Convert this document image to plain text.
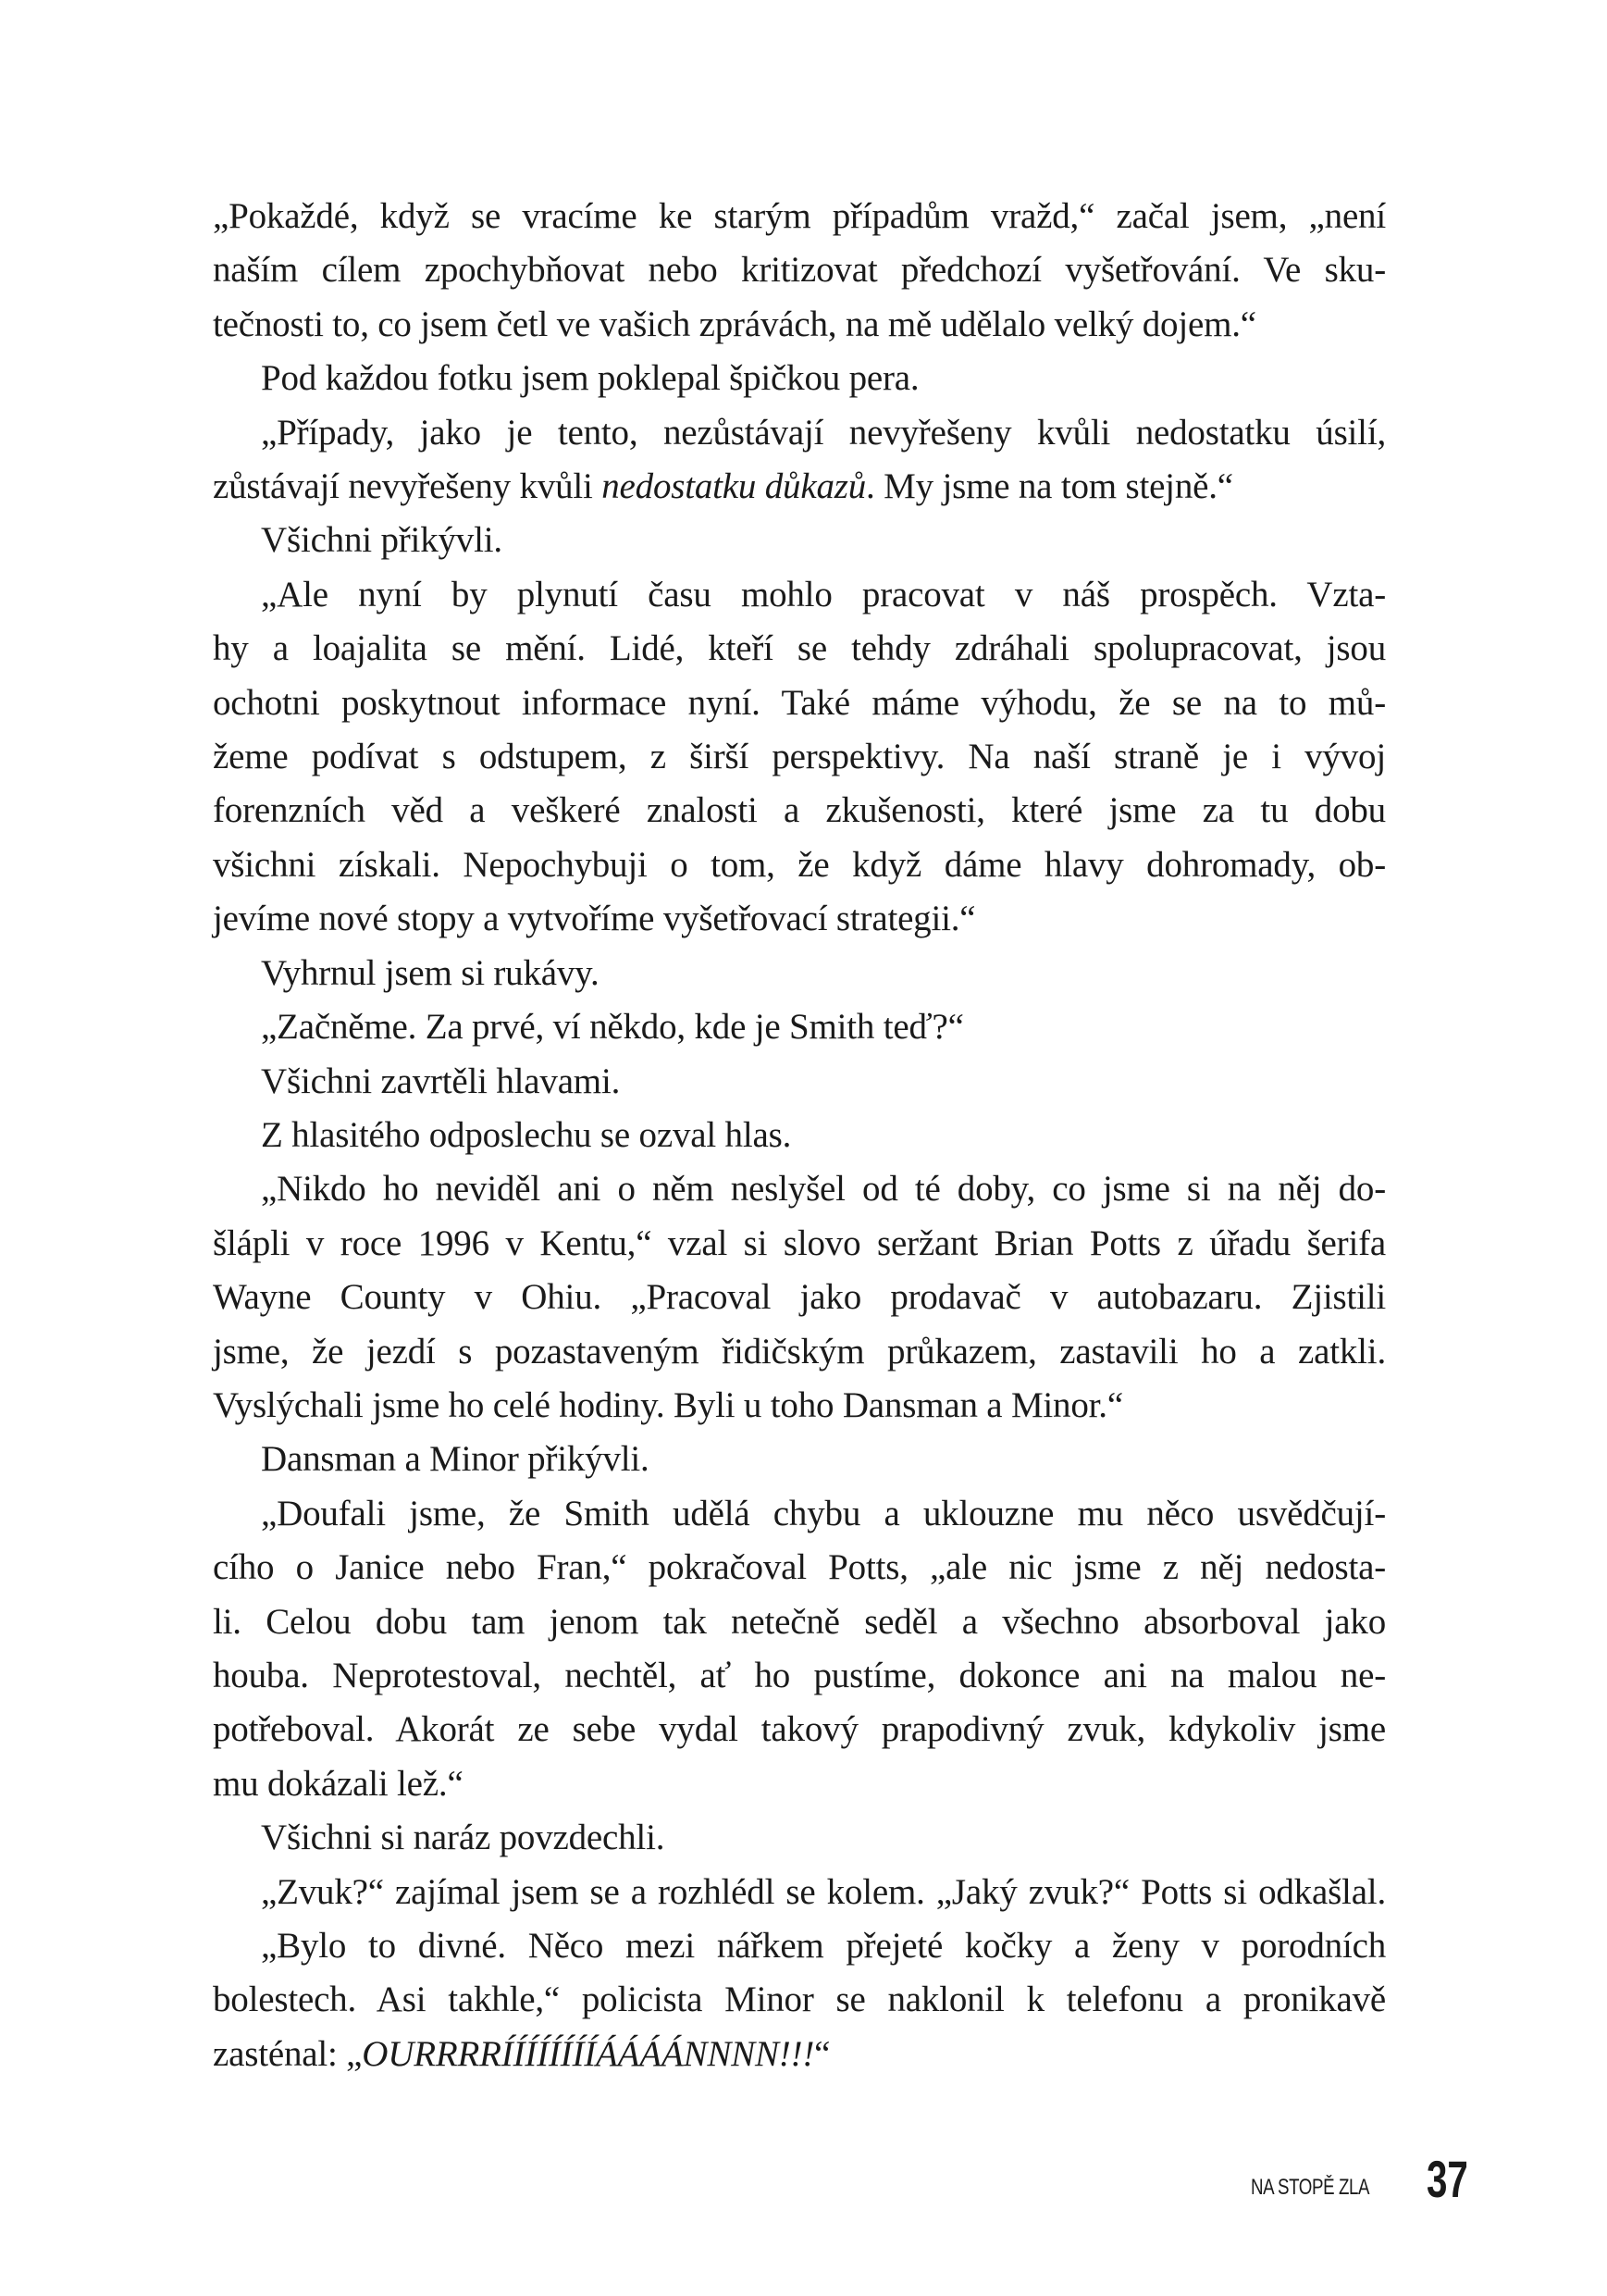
„Pokaždé, když se vracíme ke starým případům vražd,“ začal jsem, „není
naším cílem zpochybňovat nebo kritizovat předchozí vyšetřování. Ve sku-
tečnosti to, co jsem četl ve vašich zprávách, na mě udělalo velký dojem.“
Pod každou fotku jsem poklepal špičkou pera.
„Případy, jako je tento, nezůstávají nevyřešeny kvůli nedostatku úsilí,
zůstávají nevyřešeny kvůli nedostatku důkazů. My jsme na tom stejně.“
Všichni přikývli.
„Ale nyní by plynutí času mohlo pracovat v náš prospěch. Vzta-
hy a loajalita se mění. Lidé, kteří se tehdy zdráhali spolupracovat, jsou
ochotni poskytnout informace nyní. Také máme výhodu, že se na to mů-
žeme podívat s odstupem, z širší perspektivy. Na naší straně je i vývoj
forenzních věd a veškeré znalosti a zkušenosti, které jsme za tu dobu
všichni získali. Nepochybuji o tom, že když dáme hlavy dohromady, ob-
jevíme nové stopy a vytvoříme vyšetřovací strategii.“
Vyhrnul jsem si rukávy.
„Začněme. Za prvé, ví někdo, kde je Smith teď?“
Všichni zavrtěli hlavami.
Z hlasitého odposlechu se ozval hlas.
„Nikdo ho neviděl ani o něm neslyšel od té doby, co jsme si na něj do-
šlápli v roce 1996 v Kentu,“ vzal si slovo seržant Brian Potts z úřadu šerifa
Wayne County v Ohiu. „Pracoval jako prodavač v autobazaru. Zjistili
jsme, že jezdí s pozastaveným řidičským průkazem, zastavili ho a zatkli.
Vyslýchali jsme ho celé hodiny. Byli u toho Dansman a Minor.“
Dansman a Minor přikývli.
„Doufali jsme, že Smith udělá chybu a uklouzne mu něco usvědčují-
cího o Janice nebo Fran,“ pokračoval Potts, „ale nic jsme z něj nedosta-
li. Celou dobu tam jenom tak netečně seděl a všechno absorboval jako
houba. Neprotestoval, nechtěl, ať ho pustíme, dokonce ani na malou ne-
potřeboval. Akorát ze sebe vydal takový prapodivný zvuk, kdykoliv jsme
mu dokázali lež.“
Všichni si naráz povzdechli.
„Zvuk?“ zajímal jsem se a rozhlédl se kolem. „Jaký zvuk?“ Potts si odkašlal.
„Bylo to divné. Něco mezi nářkem přejeté kočky a ženy v porodních
bolestech. Asi takhle,“ policista Minor se naklonil k telefonu a pronikavě
zasténal: „OURRRRÍÍÍÍÍÍÍÍÁÁÁÁNNNN!!!“
NA STOPĚ ZLA 37
